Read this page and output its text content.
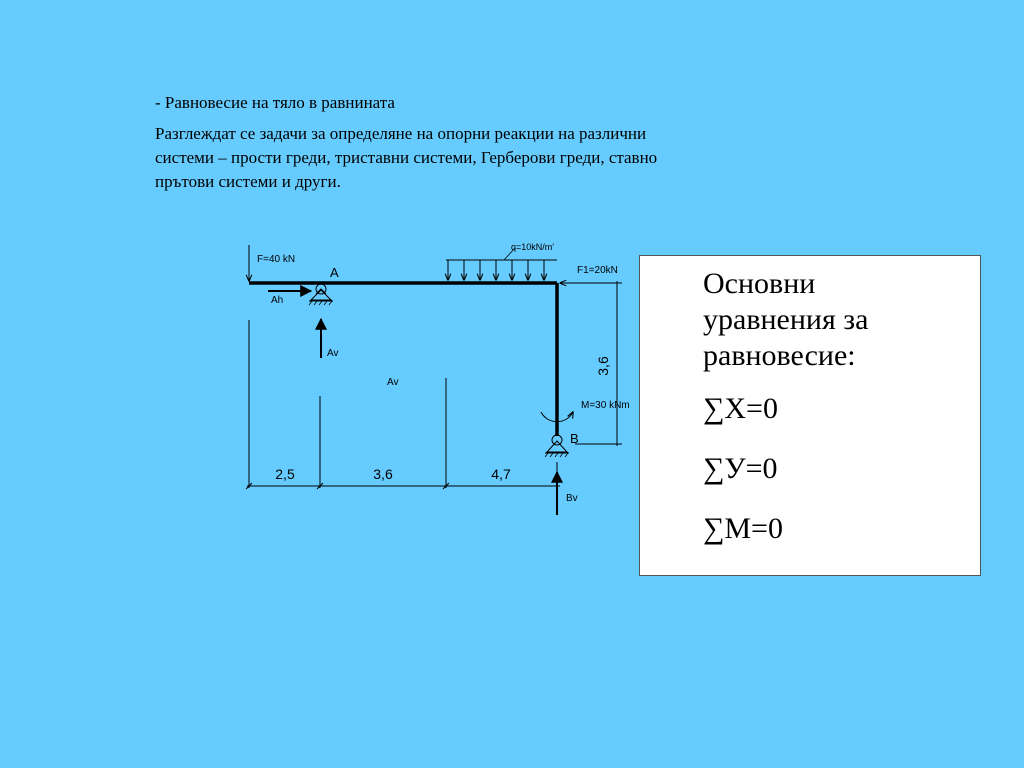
- Равновесие на тяло в равнината

Разглеждат се задачи за определяне на опорни реакции на различни
системи – прости греди, триставни системи, Герберови греди, ставно
прътови системи и други.

F=40 kN
A
Ah
Av
Av
q=10kN/m'
F1=20kN
3,6
M=30 kNm
B
Bv
2,5	3,6	4,7
Основни
уравнения за
равновесие:
∑X=0
∑У=0
∑M=0
